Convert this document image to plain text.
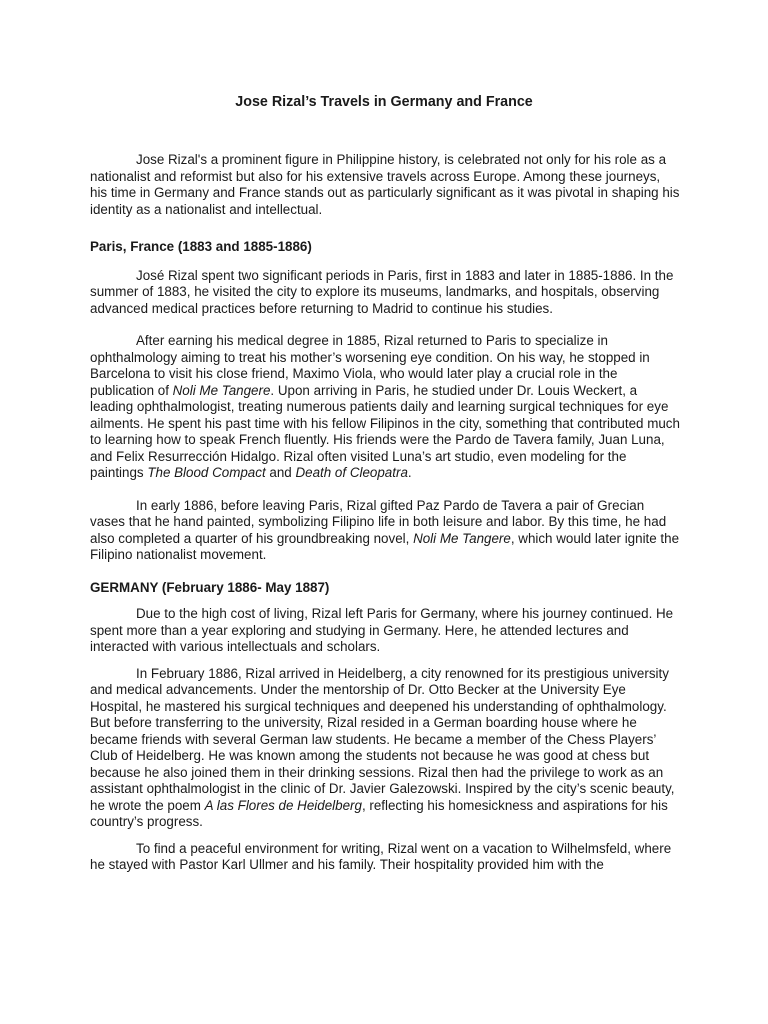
Jose Rizal’s Travels in Germany and France

Jose Rizal's a prominent figure in Philippine history, is celebrated not only for his role as a nationalist and reformist but also for his extensive travels across Europe. Among these journeys, his time in Germany and France stands out as particularly significant as it was pivotal in shaping his identity as a nationalist and intellectual.

Paris, France (1883 and 1885-1886)

José Rizal spent two significant periods in Paris, first in 1883 and later in 1885-1886. In the summer of 1883, he visited the city to explore its museums, landmarks, and hospitals, observing advanced medical practices before returning to Madrid to continue his studies.

After earning his medical degree in 1885, Rizal returned to Paris to specialize in ophthalmology aiming to treat his mother’s worsening eye condition. On his way, he stopped in Barcelona to visit his close friend, Maximo Viola, who would later play a crucial role in the publication of Noli Me Tangere. Upon arriving in Paris, he studied under Dr. Louis Weckert, a leading ophthalmologist, treating numerous patients daily and learning surgical techniques for eye ailments. He spent his past time with his fellow Filipinos in the city, something that contributed much to learning how to speak French fluently. His friends were the Pardo de Tavera family, Juan Luna, and Felix Resurrección Hidalgo. Rizal often visited Luna’s art studio, even modeling for the paintings The Blood Compact and Death of Cleopatra.

In early 1886, before leaving Paris, Rizal gifted Paz Pardo de Tavera a pair of Grecian vases that he hand painted, symbolizing Filipino life in both leisure and labor. By this time, he had also completed a quarter of his groundbreaking novel, Noli Me Tangere, which would later ignite the Filipino nationalist movement.

GERMANY (February 1886- May 1887)

Due to the high cost of living, Rizal left Paris for Germany, where his journey continued. He spent more than a year exploring and studying in Germany. Here, he attended lectures and interacted with various intellectuals and scholars.

In February 1886, Rizal arrived in Heidelberg, a city renowned for its prestigious university and medical advancements. Under the mentorship of Dr. Otto Becker at the University Eye Hospital, he mastered his surgical techniques and deepened his understanding of ophthalmology. But before transferring to the university, Rizal resided in a German boarding house where he became friends with several German law students. He became a member of the Chess Players’ Club of Heidelberg. He was known among the students not because he was good at chess but because he also joined them in their drinking sessions. Rizal then had the privilege to work as an assistant ophthalmologist in the clinic of Dr. Javier Galezowski. Inspired by the city’s scenic beauty, he wrote the poem A las Flores de Heidelberg, reflecting his homesickness and aspirations for his country’s progress.

To find a peaceful environment for writing, Rizal went on a vacation to Wilhelmsfeld, where he stayed with Pastor Karl Ullmer and his family. Their hospitality provided him with the
